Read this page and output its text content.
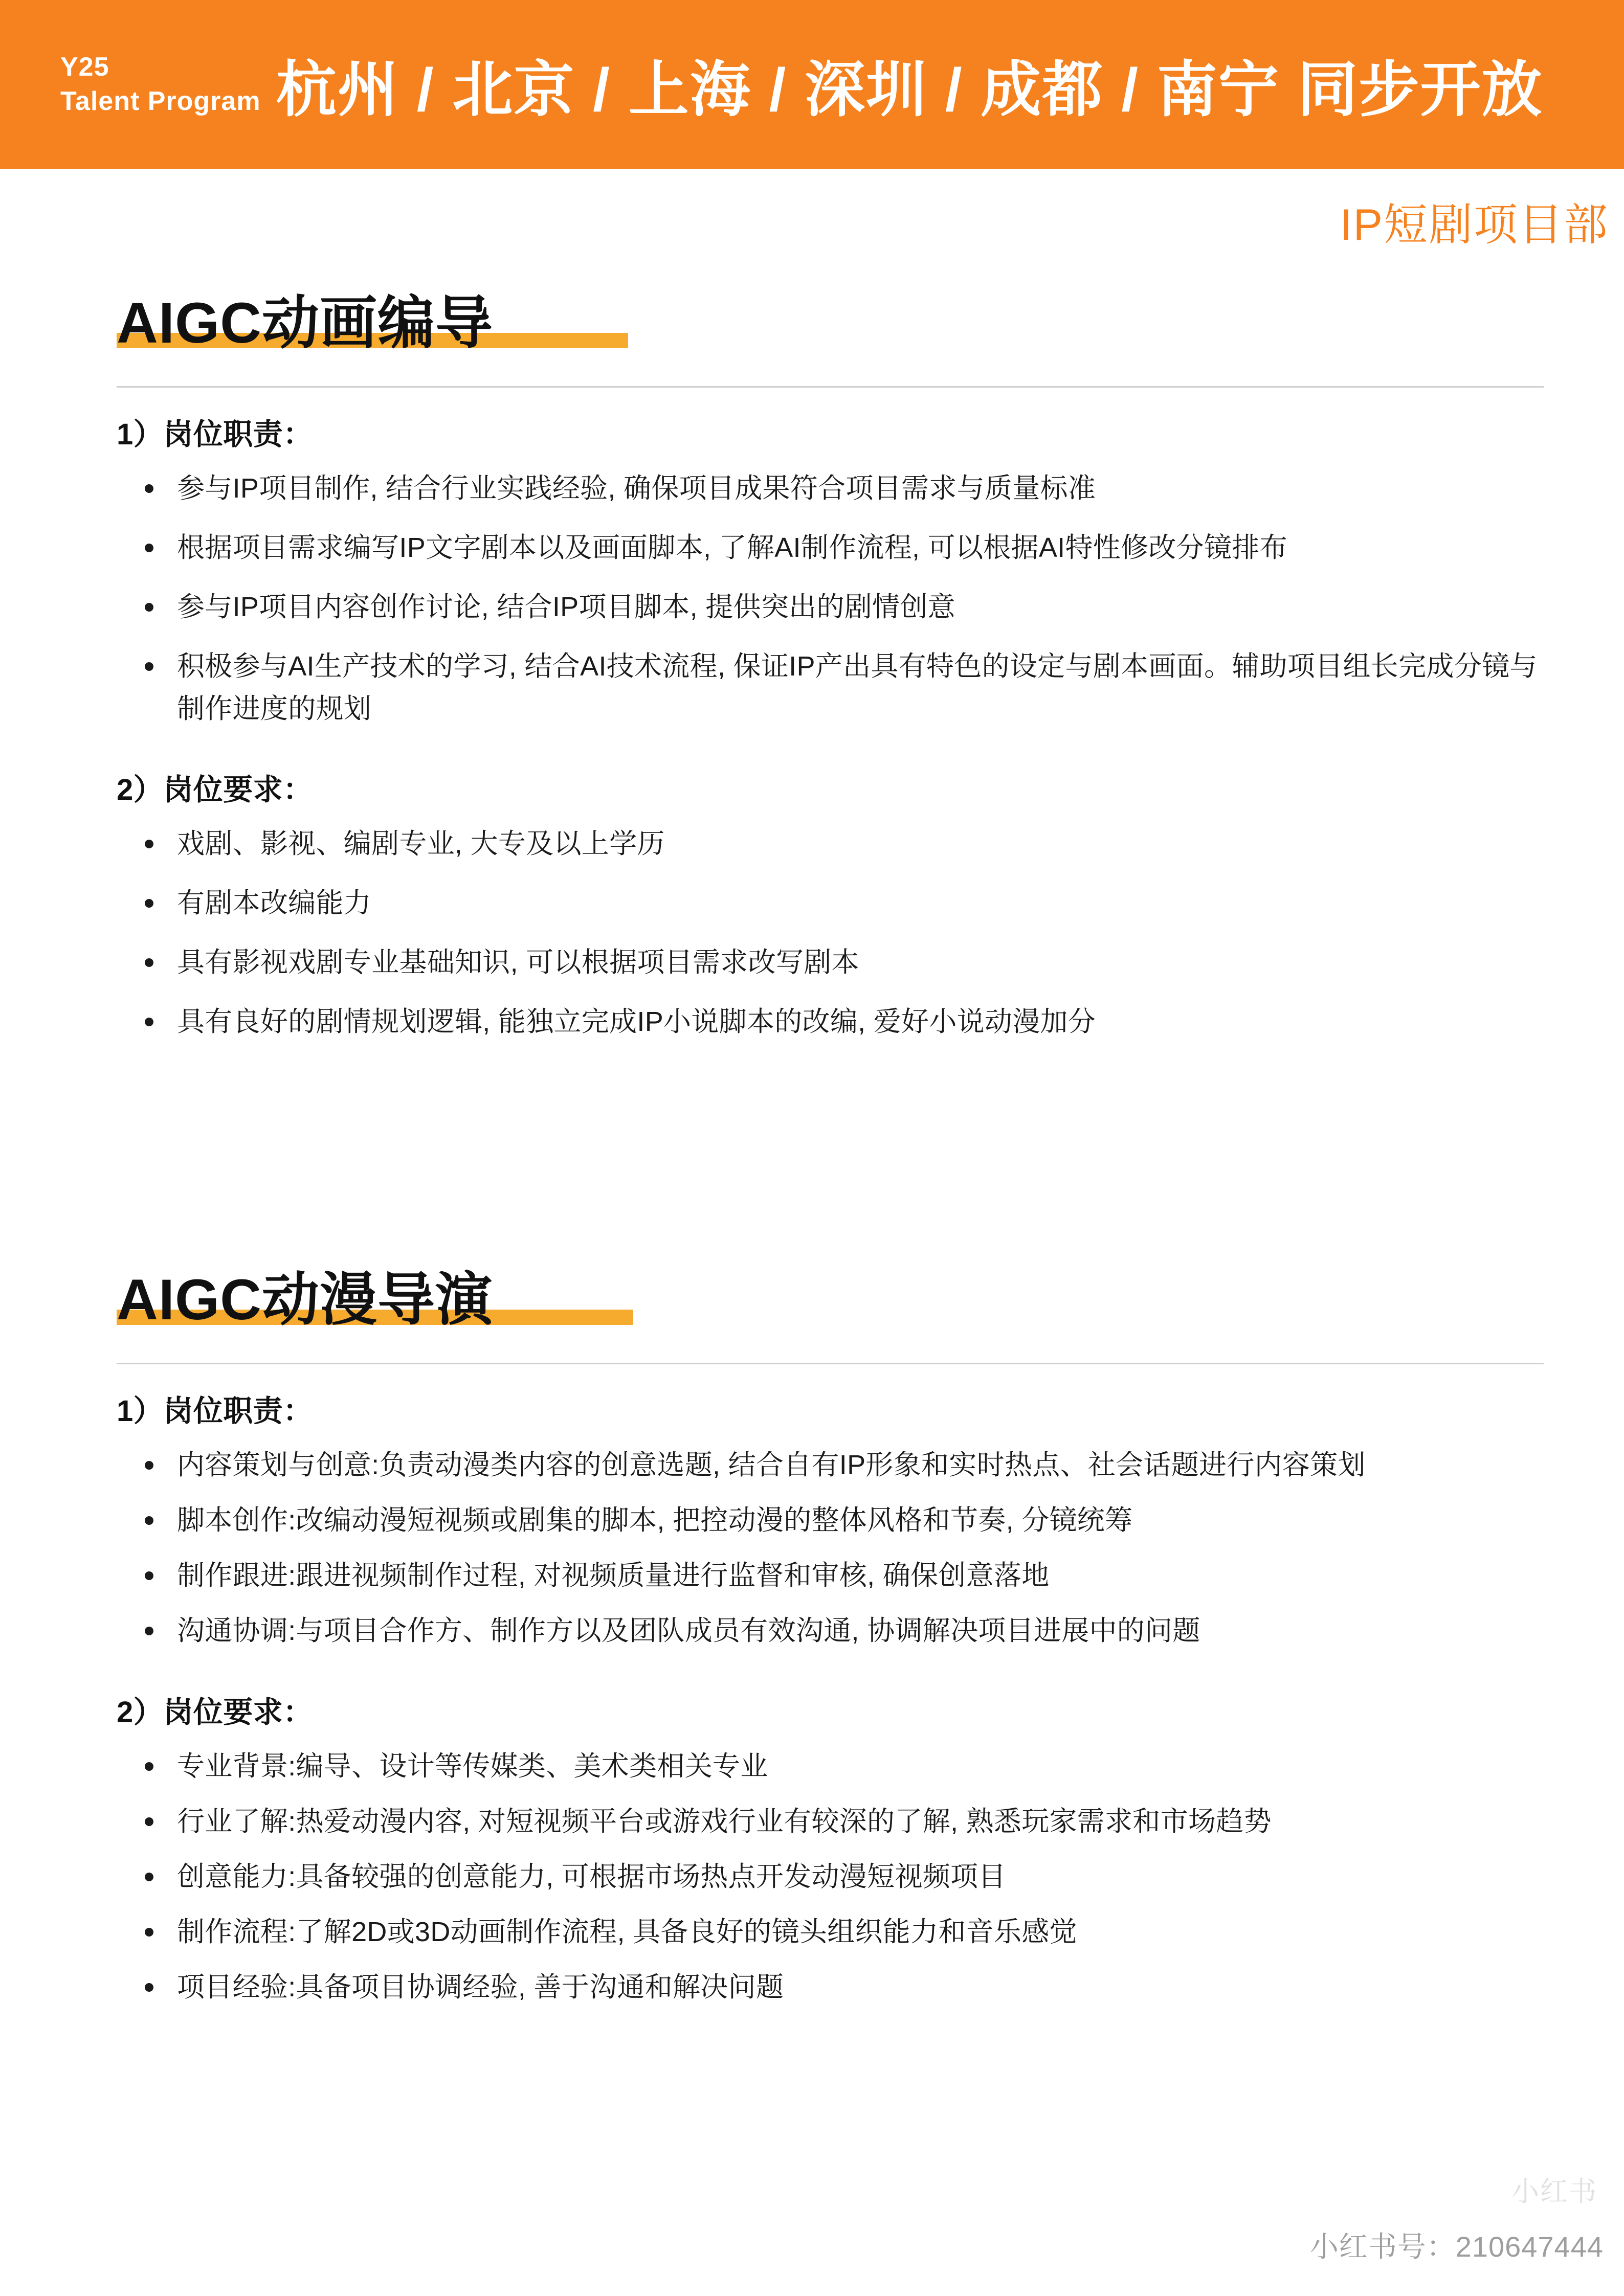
Y25
Talent Program 杭州 / 北京 / 上海 / 深圳 / 成都 / 南宁 同步开放
IP短剧项目部
AIGC动画编导
1）岗位职责：
参与IP项目制作, 结合行业实践经验, 确保项目成果符合项目需求与质量标准
根据项目需求编写IP文字剧本以及画面脚本, 了解AI制作流程, 可以根据AI特性修改分镜排布
参与IP项目内容创作讨论, 结合IP项目脚本, 提供突出的剧情创意
积极参与AI生产技术的学习, 结合AI技术流程, 保证IP产出具有特色的设定与剧本画面。辅助项目组长完成分镜与制作进度的规划
2）岗位要求：
戏剧、影视、编剧专业, 大专及以上学历
有剧本改编能力
具有影视戏剧专业基础知识, 可以根据项目需求改写剧本
具有良好的剧情规划逻辑, 能独立完成IP小说脚本的改编, 爱好小说动漫加分
AIGC动漫导演
1）岗位职责：
内容策划与创意:负责动漫类内容的创意选题, 结合自有IP形象和实时热点、社会话题进行内容策划
脚本创作:改编动漫短视频或剧集的脚本, 把控动漫的整体风格和节奏, 分镜统筹
制作跟进:跟进视频制作过程, 对视频质量进行监督和审核, 确保创意落地
沟通协调:与项目合作方、制作方以及团队成员有效沟通, 协调解决项目进展中的问题
2）岗位要求：
专业背景:编导、设计等传媒类、美术类相关专业
行业了解:热爱动漫内容, 对短视频平台或游戏行业有较深的了解, 熟悉玩家需求和市场趋势
创意能力:具备较强的创意能力, 可根据市场热点开发动漫短视频项目
制作流程:了解2D或3D动画制作流程, 具备良好的镜头组织能力和音乐感觉
项目经验:具备项目协调经验, 善于沟通和解决问题
小红书
小红书号：210647444
